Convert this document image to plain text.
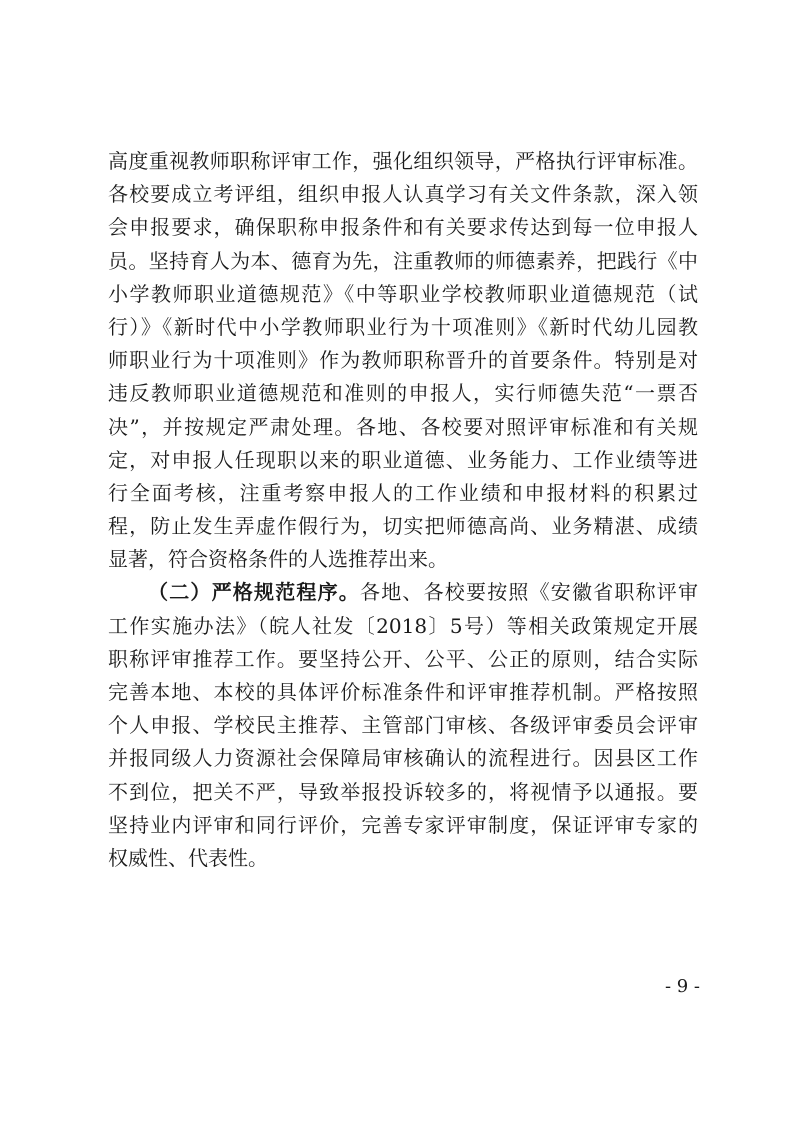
高度重视教师职称评审工作，强化组织领导，严格执行评审标准。
各校要成立考评组，组织申报人认真学习有关文件条款，深入领
会申报要求，确保职称申报条件和有关要求传达到每一位申报人
员。坚持育人为本、德育为先，注重教师的师德素养，把践行《中
小学教师职业道德规范》《中等职业学校教师职业道德规范（试
行）》《新时代中小学教师职业行为十项准则》《新时代幼儿园教
师职业行为十项准则》作为教师职称晋升的首要条件。特别是对
违反教师职业道德规范和准则的申报人，实行师德失范“一票否
决”，并按规定严肃处理。各地、各校要对照评审标准和有关规
定，对申报人任现职以来的职业道德、业务能力、工作业绩等进
行全面考核，注重考察申报人的工作业绩和申报材料的积累过
程，防止发生弄虚作假行为，切实把师德高尚、业务精湛、成绩
显著，符合资格条件的人选推荐出来。
（二）严格规范程序。各地、各校要按照《安徽省职称评审
工作实施办法》（皖人社发〔2018〕5号）等相关政策规定开展
职称评审推荐工作。要坚持公开、公平、公正的原则，结合实际
完善本地、本校的具体评价标准条件和评审推荐机制。严格按照
个人申报、学校民主推荐、主管部门审核、各级评审委员会评审
并报同级人力资源社会保障局审核确认的流程进行。因县区工作
不到位，把关不严，导致举报投诉较多的，将视情予以通报。要
坚持业内评审和同行评价，完善专家评审制度，保证评审专家的
权威性、代表性。
- 9 -
